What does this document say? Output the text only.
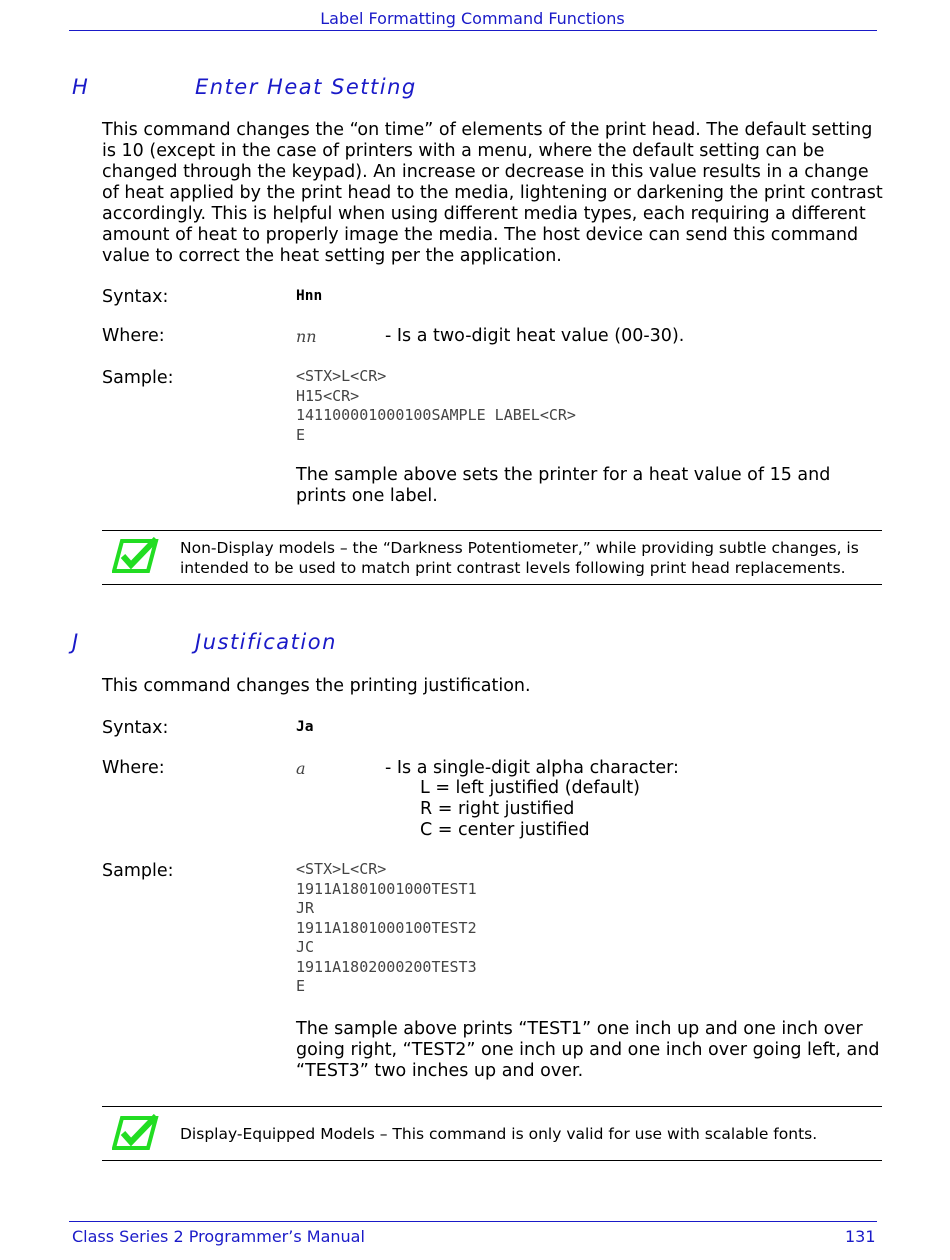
Label Formatting Command Functions
H	Enter Heat Setting
This command changes the “on time” of elements of the print head. The default setting
is 10 (except in the case of printers with a menu, where the default setting can be
changed through the keypad). An increase or decrease in this value results in a change
of heat applied by the print head to the media, lightening or darkening the print contrast
accordingly. This is helpful when using different media types, each requiring a different
amount of heat to properly image the media. The host device can send this command
value to correct the heat setting per the application.
Syntax:	Hnn
Where:	nn	- Is a two-digit heat value (00-30).
Sample:	<STX>L<CR>
H15<CR>
141100001000100SAMPLE LABEL<CR>
E
The sample above sets the printer for a heat value of 15 and
prints one label.
Non-Display models – the “Darkness Potentiometer,” while providing subtle changes, is
intended to be used to match print contrast levels following print head replacements.
J	Justification
This command changes the printing justification.
Syntax:	Ja
Where:	a	- Is a single-digit alpha character:
L = left justified (default)
R = right justified
C = center justified
Sample:	<STX>L<CR>
1911A1801001000TEST1
JR
1911A1801000100TEST2
JC
1911A1802000200TEST3
E
The sample above prints “TEST1” one inch up and one inch over
going right, “TEST2” one inch up and one inch over going left, and
“TEST3” two inches up and over.
Display-Equipped Models – This command is only valid for use with scalable fonts.
Class Series 2 Programmer’s Manual	131
